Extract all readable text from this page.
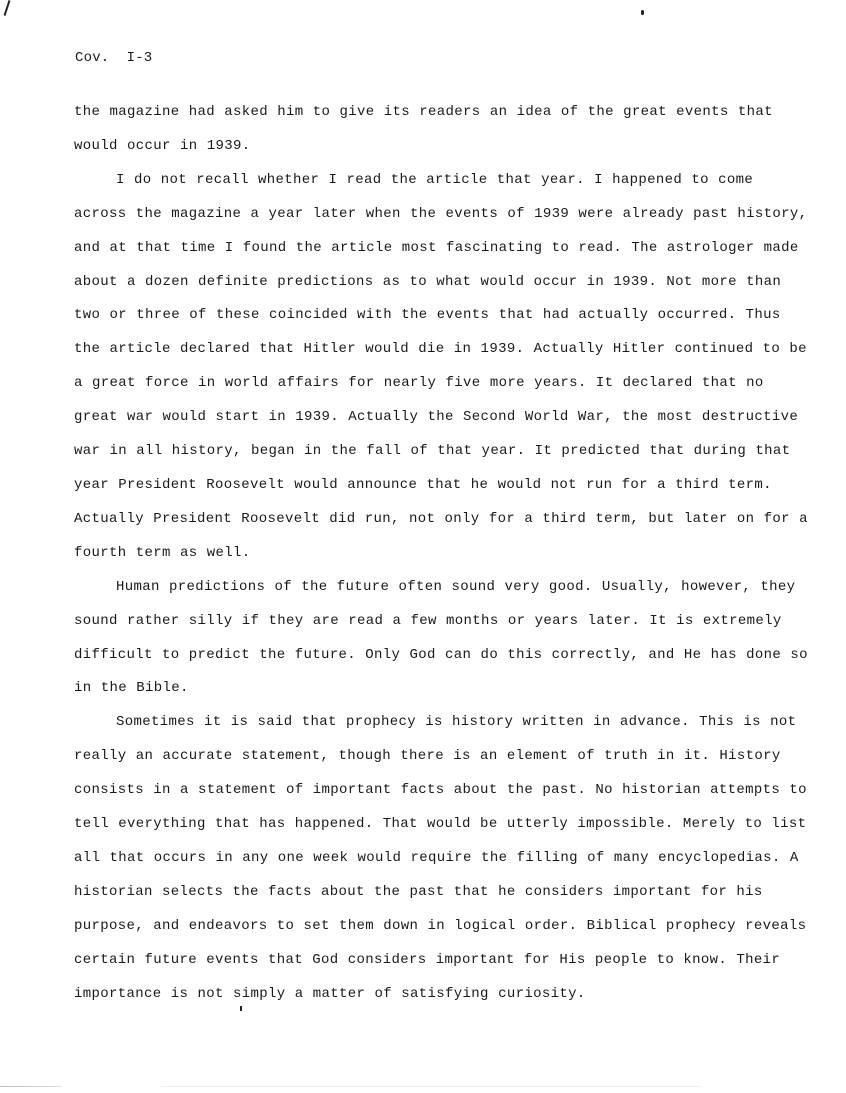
Cov.  I-3

the magazine had asked him to give its readers an idea of the great events that would occur in 1939.

I do not recall whether I read the article that year. I happened to come across the magazine a year later when the events of 1939 were already past history, and at that time I found the article most fascinating to read. The astrologer made about a dozen definite predictions as to what would occur in 1939. Not more than two or three of these coincided with the events that had actually occurred. Thus the article declared that Hitler would die in 1939. Actually Hitler continued to be a great force in world affairs for nearly five more years. It declared that no great war would start in 1939. Actually the Second World War, the most destructive war in all history, began in the fall of that year. It predicted that during that year President Roosevelt would announce that he would not run for a third term. Actually President Roosevelt did run, not only for a third term, but later on for a fourth term as well.

Human predictions of the future often sound very good. Usually, however, they sound rather silly if they are read a few months or years later. It is extremely difficult to predict the future. Only God can do this correctly, and He has done so in the Bible.

Sometimes it is said that prophecy is history written in advance. This is not really an accurate statement, though there is an element of truth in it. History consists in a statement of important facts about the past. No historian attempts to tell everything that has happened. That would be utterly impossible. Merely to list all that occurs in any one week would require the filling of many encyclopedias. A historian selects the facts about the past that he considers important for his purpose, and endeavors to set them down in logical order. Biblical prophecy reveals certain future events that God considers important for His people to know. Their importance is not simply a matter of satisfying curiosity.
